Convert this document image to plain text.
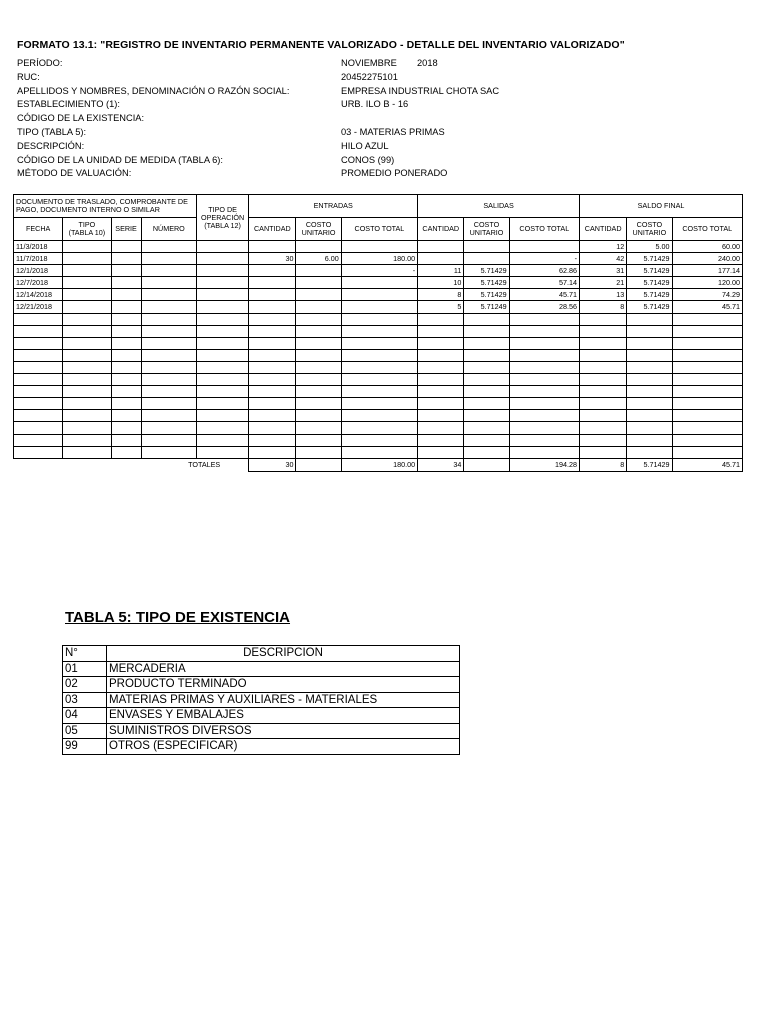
FORMATO 13.1: "REGISTRO DE INVENTARIO PERMANENTE VALORIZADO - DETALLE DEL INVENTARIO VALORIZADO"
PERÍODO:	NOVIEMBRE 2018
RUC:	20452275101
APELLIDOS Y NOMBRES, DENOMINACIÓN O RAZÓN SOCIAL:	EMPRESA INDUSTRIAL CHOTA SAC
ESTABLECIMIENTO (1):	URB. ILO B - 16
CÓDIGO DE LA EXISTENCIA:
TIPO (TABLA 5):	03 - MATERIAS PRIMAS
DESCRIPCIÓN:	HILO AZUL
CÓDIGO DE LA UNIDAD DE MEDIDA (TABLA 6):	CONOS (99)
MÉTODO DE VALUACIÓN:	PROMEDIO PONERADO
DOCUMENTO DE TRASLADO, COMPROBANTE DE PAGO, DOCUMENTO INTERNO O SIMILAR				TIPO DE OPERACIÓN (TABLA 12)	ENTRADAS			SALIDAS			SALDO FINAL		
FECHA	TIPO (TABLA 10)	SERIE	NÚMERO		CANTIDAD	COSTO UNITARIO	COSTO TOTAL	CANTIDAD	COSTO UNITARIO	COSTO TOTAL	CANTIDAD	COSTO UNITARIO	COSTO TOTAL
11/3/2018											12	5.00	60.00
11/7/2018					30	6.00	180.00			-	42	5.71429	240.00
12/1/2018							-	11	5.71429	62.86	31	5.71429	177.14
12/7/2018								10	5.71429	57.14	21	5.71429	120.00
12/14/2018								8	5.71429	45.71	13	5.71429	74.29
12/21/2018								5	5.71249	28.56	8	5.71429	45.71

TOTALES					30		180.00	34		194.28	8	5.71429	45.71
TABLA 5: TIPO DE EXISTENCIA
N°	DESCRIPCION
01	MERCADERIA
02	PRODUCTO TERMINADO
03	MATERIAS PRIMAS Y AUXILIARES - MATERIALES
04	ENVASES Y EMBALAJES
05	SUMINISTROS DIVERSOS
99	OTROS (ESPECIFICAR)
